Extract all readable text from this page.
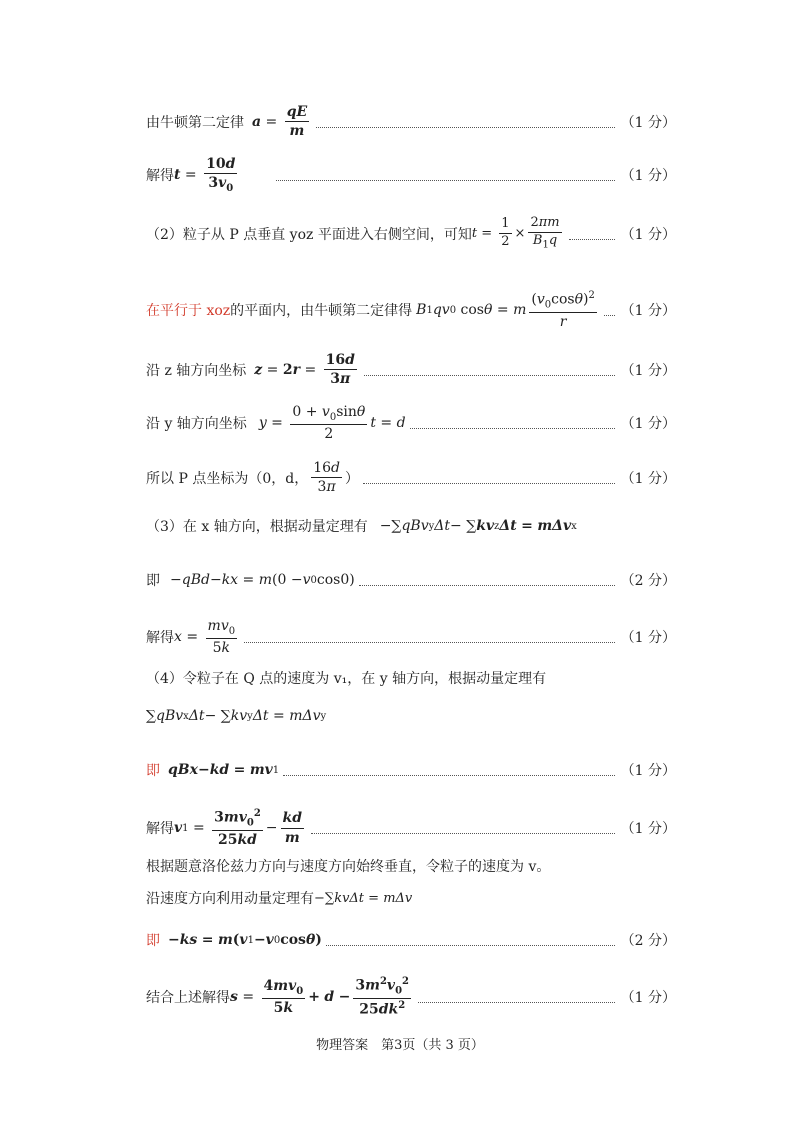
由牛顿第二定律 $a = \frac{qE}{m}$	（1 分）
解得 $t = \frac{10d}{3v_0}$	（1 分）
（2）粒子从 P 点垂直 yoz 平面进入右侧空间，可知 $t = \frac{1}{2} \times \frac{2\pi m}{B_1q}$	（1 分）
在平行于 xoz 的平面内，由牛顿第二定律得 B 1 qv 0
cos θ = m $\frac{(v_0\cos\theta)^2}{r} (1$ 分）
沿 z 轴方向坐标 $z = 2r = \frac{16d}{3\pi}$	（1 分）
沿 y 轴方向坐标 $y = \frac{0 + v_0\sin\theta}{2}$ t = d	（1 分）
所以 P 点坐标为（0，d， $\frac{16d}{3\pi}$ ）	（1 分）
（3）在 x 轴方向，根据动量定理有 −∑ qBv y Δt − ∑ kv z Δt
=
mΔv x
即 − qBd − kx = m (0 − v 0 cos0)	（2 分）
解得 $x = \frac{mv_0}{5k}$	（1 分）
（4）令粒子在 Q 点的速度为 v₁，在 y 轴方向，根据动量定理有
∑ qBv x Δt − ∑ kv y Δt = mΔv y
即 qBx − kd
=
mv 1	（1 分）
解得 v $1 = \frac{3mv_0^2}{25kd} - \frac{kd}{m}$	（1 分）
根据题意洛伦兹力方向与速度方向始终垂直，令粒子的速度为 v。
沿速度方向利用动量定理有 −∑ kv Δt = mΔv
即 − ks
=
m ( v 1 − v 0 cos θ )	（2 分）
结合上述解得 $s = \frac{4mv_0}{5k}$ +
d
− $\frac{3m^2v_0^2}{25dk^2}$	（1 分）
物理答案　第3页（共 3 页）
